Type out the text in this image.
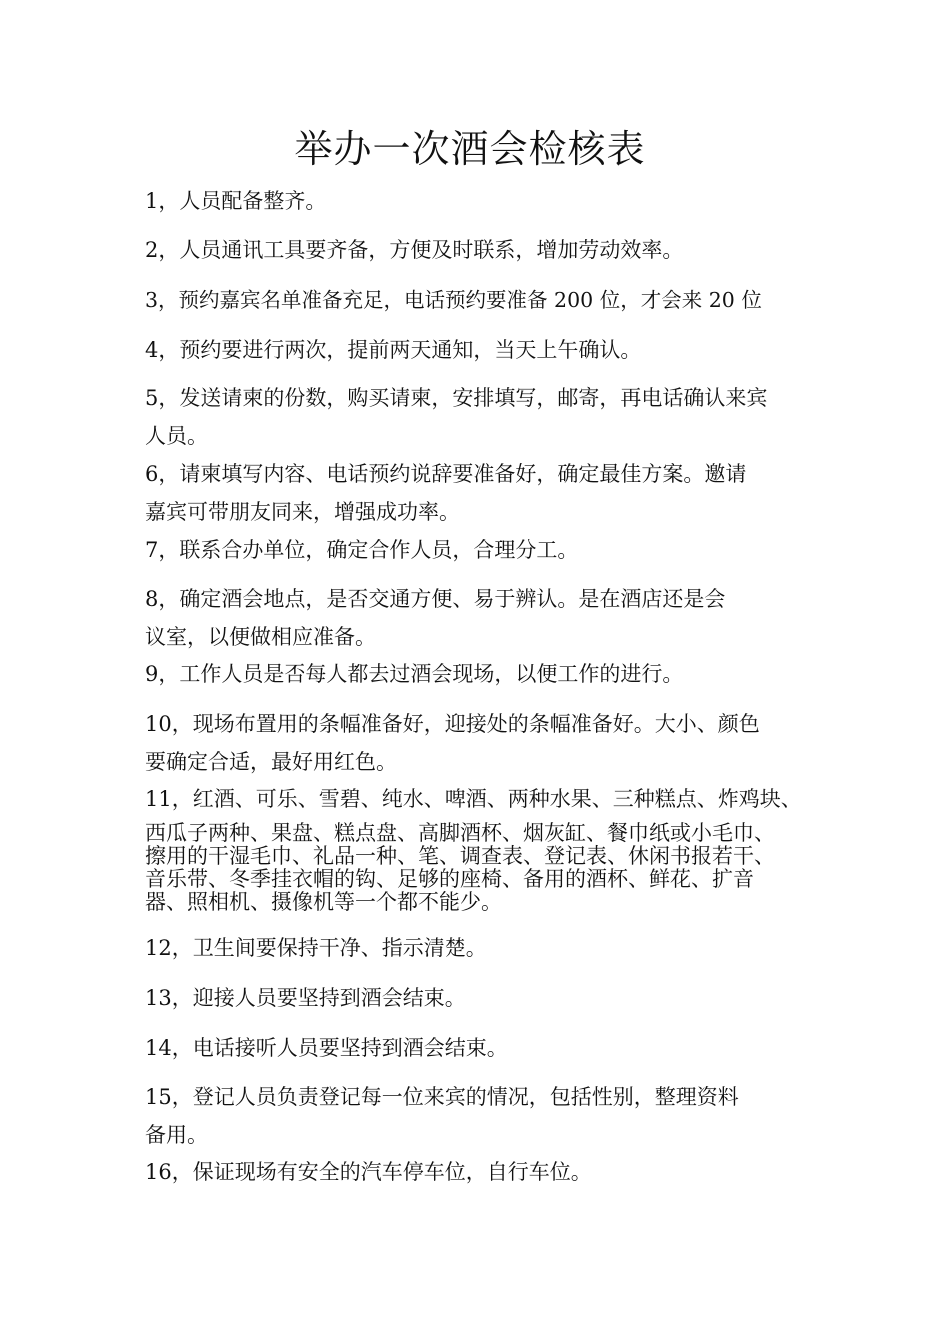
举办一次酒会检核表
1，人员配备整齐。
2，人员通讯工具要齐备，方便及时联系，增加劳动效率。
3，预约嘉宾名单准备充足，电话预约要准备 200 位，才会来 20 位
4，预约要进行两次，提前两天通知，当天上午确认。
5，发送请柬的份数，购买请柬，安排填写，邮寄，再电话确认来宾
人员。
6，请柬填写内容、电话预约说辞要准备好，确定最佳方案。邀请
嘉宾可带朋友同来，增强成功率。
7，联系合办单位，确定合作人员，合理分工。
8，确定酒会地点，是否交通方便、易于辨认。是在酒店还是会
议室，以便做相应准备。
9，工作人员是否每人都去过酒会现场，以便工作的进行。
10，现场布置用的条幅准备好，迎接处的条幅准备好。大小、颜色
要确定合适，最好用红色。
11，红酒、可乐、雪碧、纯水、啤酒、两种水果、三种糕点、炸鸡块、
西瓜子两种、果盘、糕点盘、高脚酒杯、烟灰缸、餐巾纸或小毛巾、
擦用的干湿毛巾、礼品一种、笔、调查表、登记表、休闲书报若干、
音乐带、冬季挂衣帽的钩、足够的座椅、备用的酒杯、鲜花、扩音
器、照相机、摄像机等一个都不能少。
12，卫生间要保持干净、指示清楚。
13，迎接人员要坚持到酒会结束。
14，电话接听人员要坚持到酒会结束。
15，登记人员负责登记每一位来宾的情况，包括性别，整理资料
备用。
16，保证现场有安全的汽车停车位，自行车位。
